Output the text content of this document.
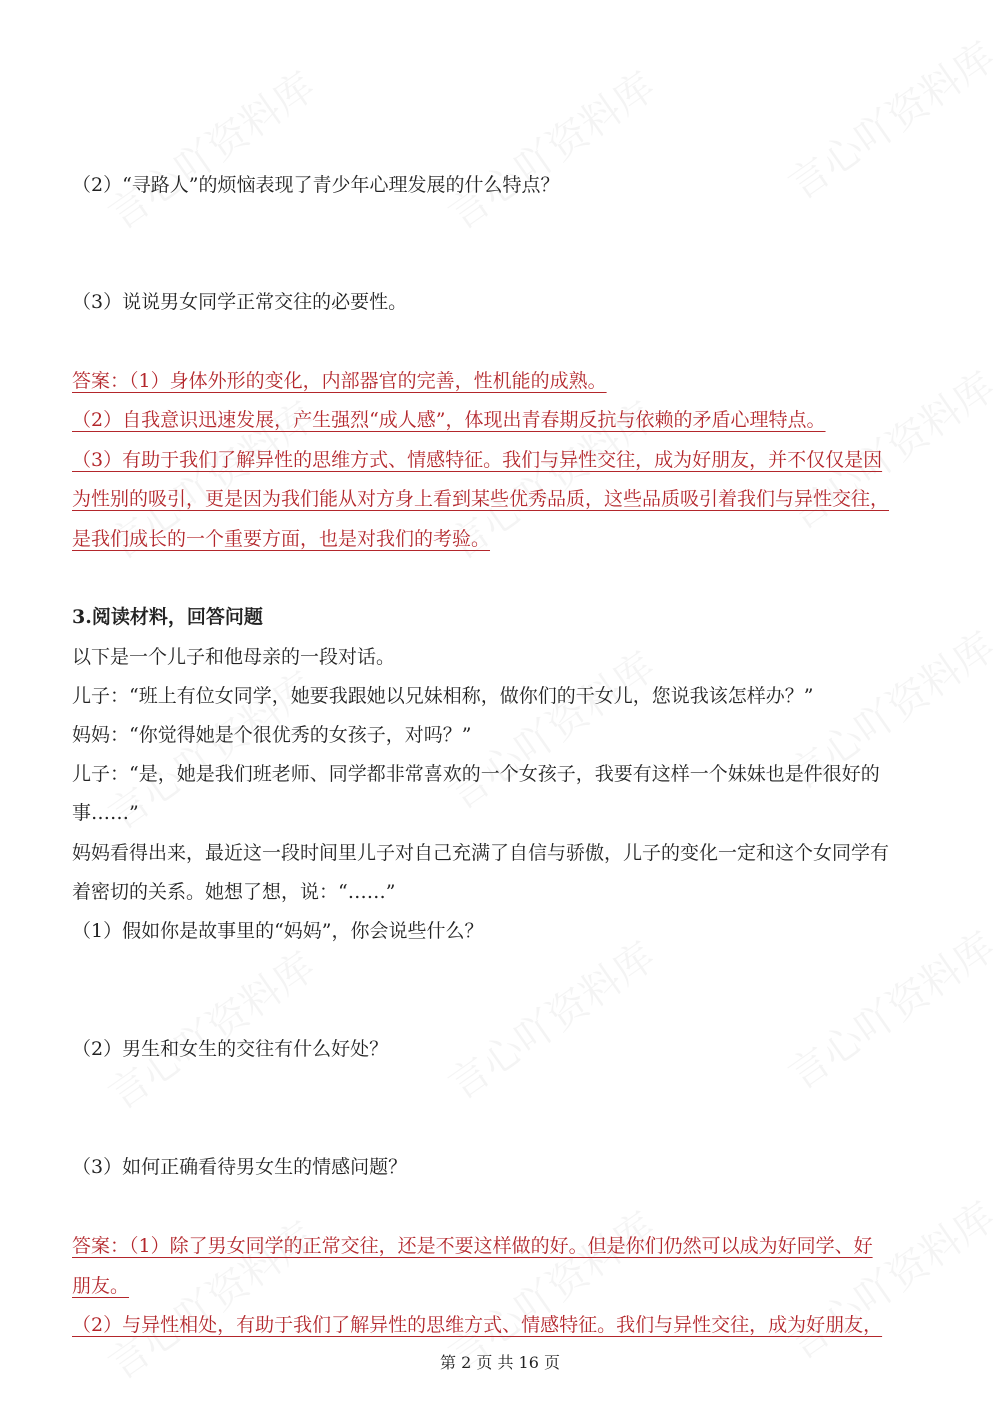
（2）“寻路人”的烦恼表现了青少年心理发展的什么特点？
（3）说说男女同学正常交往的必要性。
答案：（1）身体外形的变化，内部器官的完善，性机能的成熟。
（2）自我意识迅速发展，产生强烈“成人感”，体现出青春期反抗与依赖的矛盾心理特点。
（3）有助于我们了解异性的思维方式、情感特征。我们与异性交往，成为好朋友，并不仅仅是因
为性别的吸引，更是因为我们能从对方身上看到某些优秀品质，这些品质吸引着我们与异性交往，
是我们成长的一个重要方面，也是对我们的考验。
3.阅读材料，回答问题
以下是一个儿子和他母亲的一段对话。
儿子：“班上有位女同学，她要我跟她以兄妹相称，做你们的干女儿，您说我该怎样办？”
妈妈：“你觉得她是个很优秀的女孩子，对吗？”
儿子：“是，她是我们班老师、同学都非常喜欢的一个女孩子，我要有这样一个妹妹也是件很好的
事……”
妈妈看得出来，最近这一段时间里儿子对自己充满了自信与骄傲，儿子的变化一定和这个女同学有
着密切的关系。她想了想，说：“……”
（1）假如你是故事里的“妈妈”，你会说些什么？
（2）男生和女生的交往有什么好处？
（3）如何正确看待男女生的情感问题？
答案：（1）除了男女同学的正常交往，还是不要这样做的好。但是你们仍然可以成为好同学、好
朋友。
（2）与异性相处，有助于我们了解异性的思维方式、情感特征。我们与异性交往，成为好朋友，
第 2 页 共 16 页
